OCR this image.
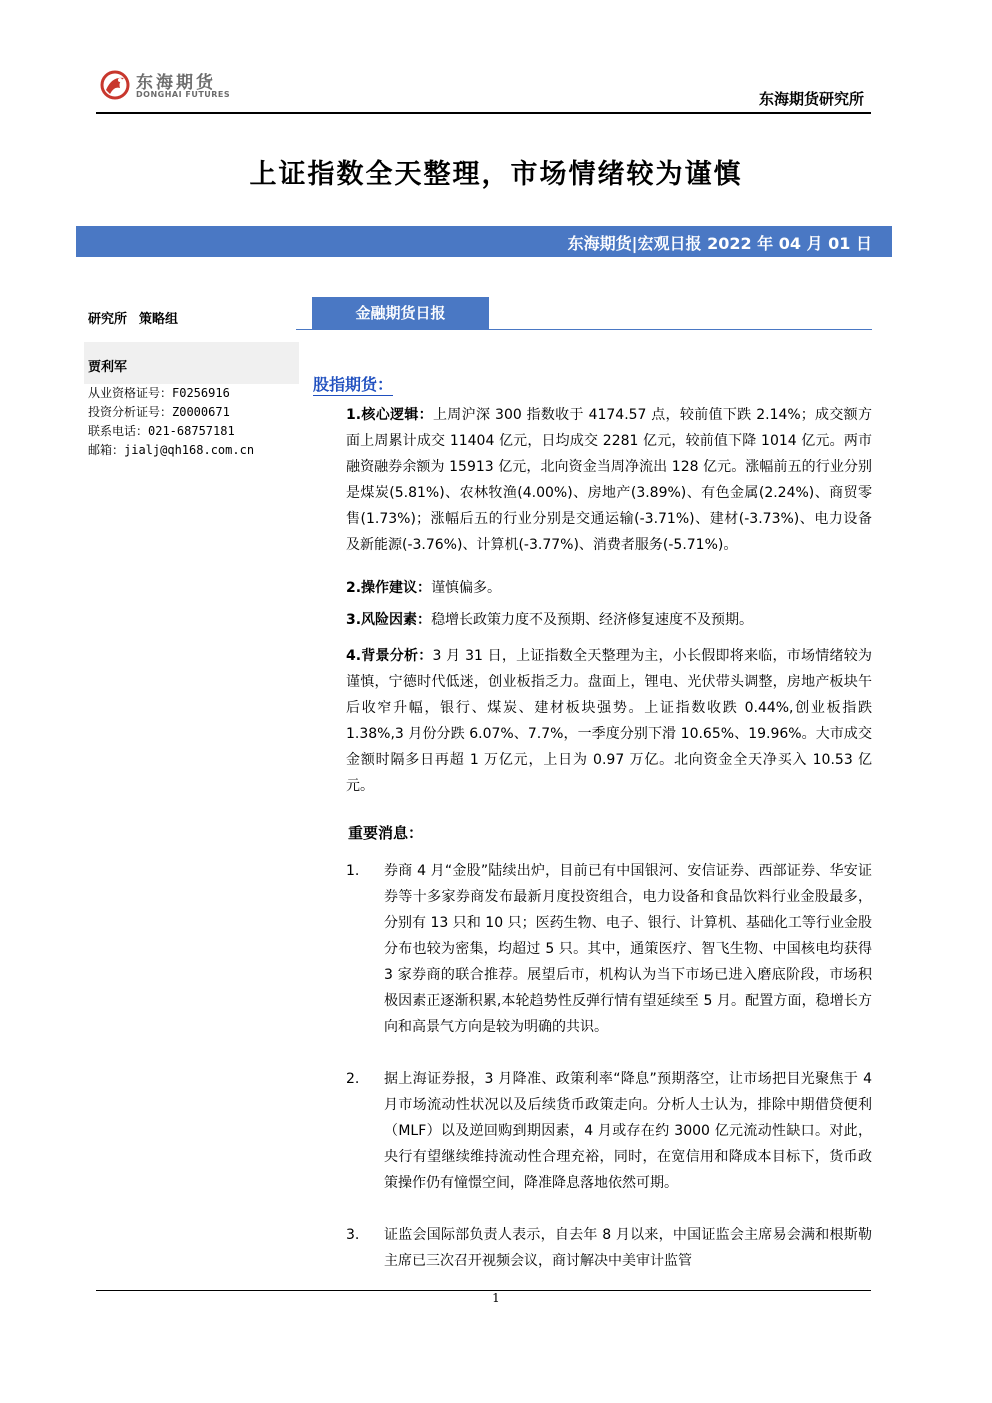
东海期货
DONGHAI FUTURES	东海期货研究所
上证指数全天整理，市场情绪较为谨慎
东海期货|宏观日报 2022 年 04 月 01 日
研究所 策略组
贾利军
从业资格证号：F0256916
投资分析证号：Z0000671
联系电话：021-68757181
邮箱：jialj@qh168.com.cn
金融期货日报
股指期货：
1.核心逻辑：上周沪深 300 指数收于 4174.57 点，较前值下跌 2.14%；成交额方面上周累计成交 11404 亿元，日均成交 2281 亿元，较前值下降 1014 亿元。两市融资融券余额为 15913 亿元，北向资金当周净流出 128 亿元。涨幅前五的行业分别是煤炭(5.81%)、农林牧渔(4.00%)、房地产(3.89%)、有色金属(2.24%)、商贸零售(1.73%)；涨幅后五的行业分别是交通运输(-3.71%)、建材(-3.73%)、电力设备及新能源(-3.76%)、计算机(-3.77%)、消费者服务(-5.71%)。
2.操作建议：谨慎偏多。
3.风险因素：稳增长政策力度不及预期、经济修复速度不及预期。
4.背景分析：3 月 31 日，上证指数全天整理为主，小长假即将来临，市场情绪较为谨慎，宁德时代低迷，创业板指乏力。盘面上，锂电、光伏带头调整，房地产板块午后收窄升幅，银行、煤炭、建材板块强势。上证指数收跌 0.44%,创业板指跌 1.38%,3 月份分跌 6.07%、7.7%，一季度分别下滑 10.65%、19.96%。大市成交金额时隔多日再超 1 万亿元，上日为 0.97 万亿。北向资金全天净买入 10.53 亿元。
重要消息：
1.	券商 4 月“金股”陆续出炉，目前已有中国银河、安信证券、西部证券、华安证券等十多家券商发布最新月度投资组合，电力设备和食品饮料行业金股最多，分别有 13 只和 10 只；医药生物、电子、银行、计算机、基础化工等行业金股分布也较为密集，均超过 5 只。其中，通策医疗、智飞生物、中国核电均获得 3 家券商的联合推荐。展望后市，机构认为当下市场已进入磨底阶段，市场积极因素正逐渐积累,本轮趋势性反弹行情有望延续至 5 月。配置方面，稳增长方向和高景气方向是较为明确的共识。
2.	据上海证券报，3 月降准、政策利率“降息”预期落空，让市场把目光聚焦于 4 月市场流动性状况以及后续货币政策走向。分析人士认为，排除中期借贷便利（MLF）以及逆回购到期因素，4 月或存在约 3000 亿元流动性缺口。对此，央行有望继续维持流动性合理充裕，同时，在宽信用和降成本目标下，货币政策操作仍有憧憬空间，降准降息落地依然可期。
3.	证监会国际部负责人表示，自去年 8 月以来，中国证监会主席易会满和根斯勒主席已三次召开视频会议，商讨解决中美审计监管
1
